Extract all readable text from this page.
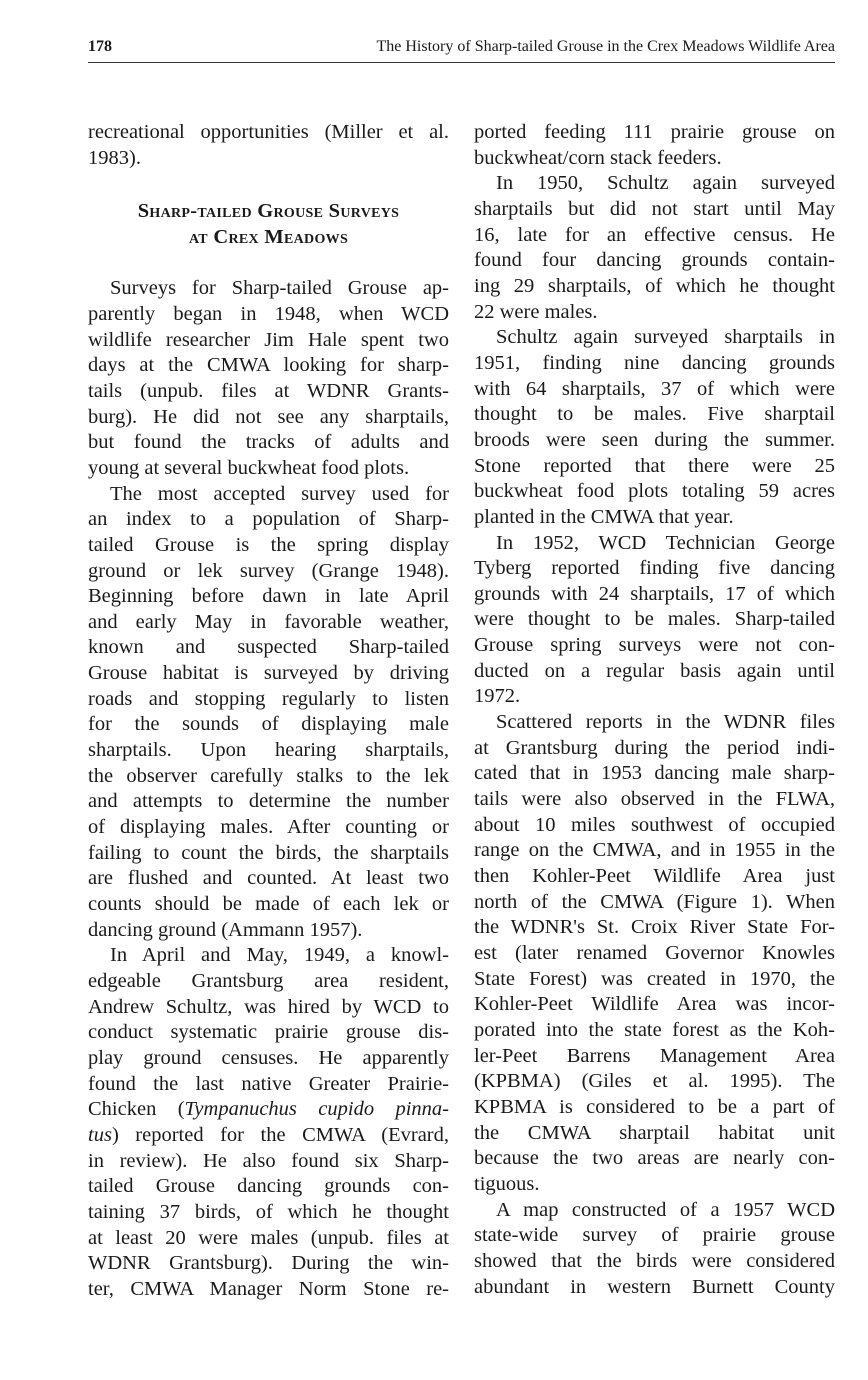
178	The History of Sharp-tailed Grouse in the Crex Meadows Wildlife Area
recreational opportunities (Miller et al.
1983).
Sharp-tailed Grouse Surveys
at Crex Meadows
Surveys for Sharp-tailed Grouse ap-
parently began in 1948, when WCD
wildlife researcher Jim Hale spent two
days at the CMWA looking for sharp-
tails (unpub. files at WDNR Grants-
burg). He did not see any sharptails,
but found the tracks of adults and
young at several buckwheat food plots.
The most accepted survey used for
an index to a population of Sharp-
tailed Grouse is the spring display
ground or lek survey (Grange 1948).
Beginning before dawn in late April
and early May in favorable weather,
known and suspected Sharp-tailed
Grouse habitat is surveyed by driving
roads and stopping regularly to listen
for the sounds of displaying male
sharptails. Upon hearing sharptails,
the observer carefully stalks to the lek
and attempts to determine the number
of displaying males. After counting or
failing to count the birds, the sharptails
are flushed and counted. At least two
counts should be made of each lek or
dancing ground (Ammann 1957).
In April and May, 1949, a knowl-
edgeable Grantsburg area resident,
Andrew Schultz, was hired by WCD to
conduct systematic prairie grouse dis-
play ground censuses. He apparently
found the last native Greater Prairie-
Chicken (Tympanuchus cupido pinna-
tus) reported for the CMWA (Evrard,
in review). He also found six Sharp-
tailed Grouse dancing grounds con-
taining 37 birds, of which he thought
at least 20 were males (unpub. files at
WDNR Grantsburg). During the win-
ter, CMWA Manager Norm Stone re-
ported feeding 111 prairie grouse on
buckwheat/corn stack feeders.
In 1950, Schultz again surveyed
sharptails but did not start until May
16, late for an effective census. He
found four dancing grounds contain-
ing 29 sharptails, of which he thought
22 were males.
Schultz again surveyed sharptails in
1951, finding nine dancing grounds
with 64 sharptails, 37 of which were
thought to be males. Five sharptail
broods were seen during the summer.
Stone reported that there were 25
buckwheat food plots totaling 59 acres
planted in the CMWA that year.
In 1952, WCD Technician George
Tyberg reported finding five dancing
grounds with 24 sharptails, 17 of which
were thought to be males. Sharp-tailed
Grouse spring surveys were not con-
ducted on a regular basis again until
1972.
Scattered reports in the WDNR files
at Grantsburg during the period indi-
cated that in 1953 dancing male sharp-
tails were also observed in the FLWA,
about 10 miles southwest of occupied
range on the CMWA, and in 1955 in the
then Kohler-Peet Wildlife Area just
north of the CMWA (Figure 1). When
the WDNR's St. Croix River State For-
est (later renamed Governor Knowles
State Forest) was created in 1970, the
Kohler-Peet Wildlife Area was incor-
porated into the state forest as the Koh-
ler-Peet Barrens Management Area
(KPBMA) (Giles et al. 1995). The
KPBMA is considered to be a part of
the CMWA sharptail habitat unit
because the two areas are nearly con-
tiguous.
A map constructed of a 1957 WCD
state-wide survey of prairie grouse
showed that the birds were considered
abundant in western Burnett County
